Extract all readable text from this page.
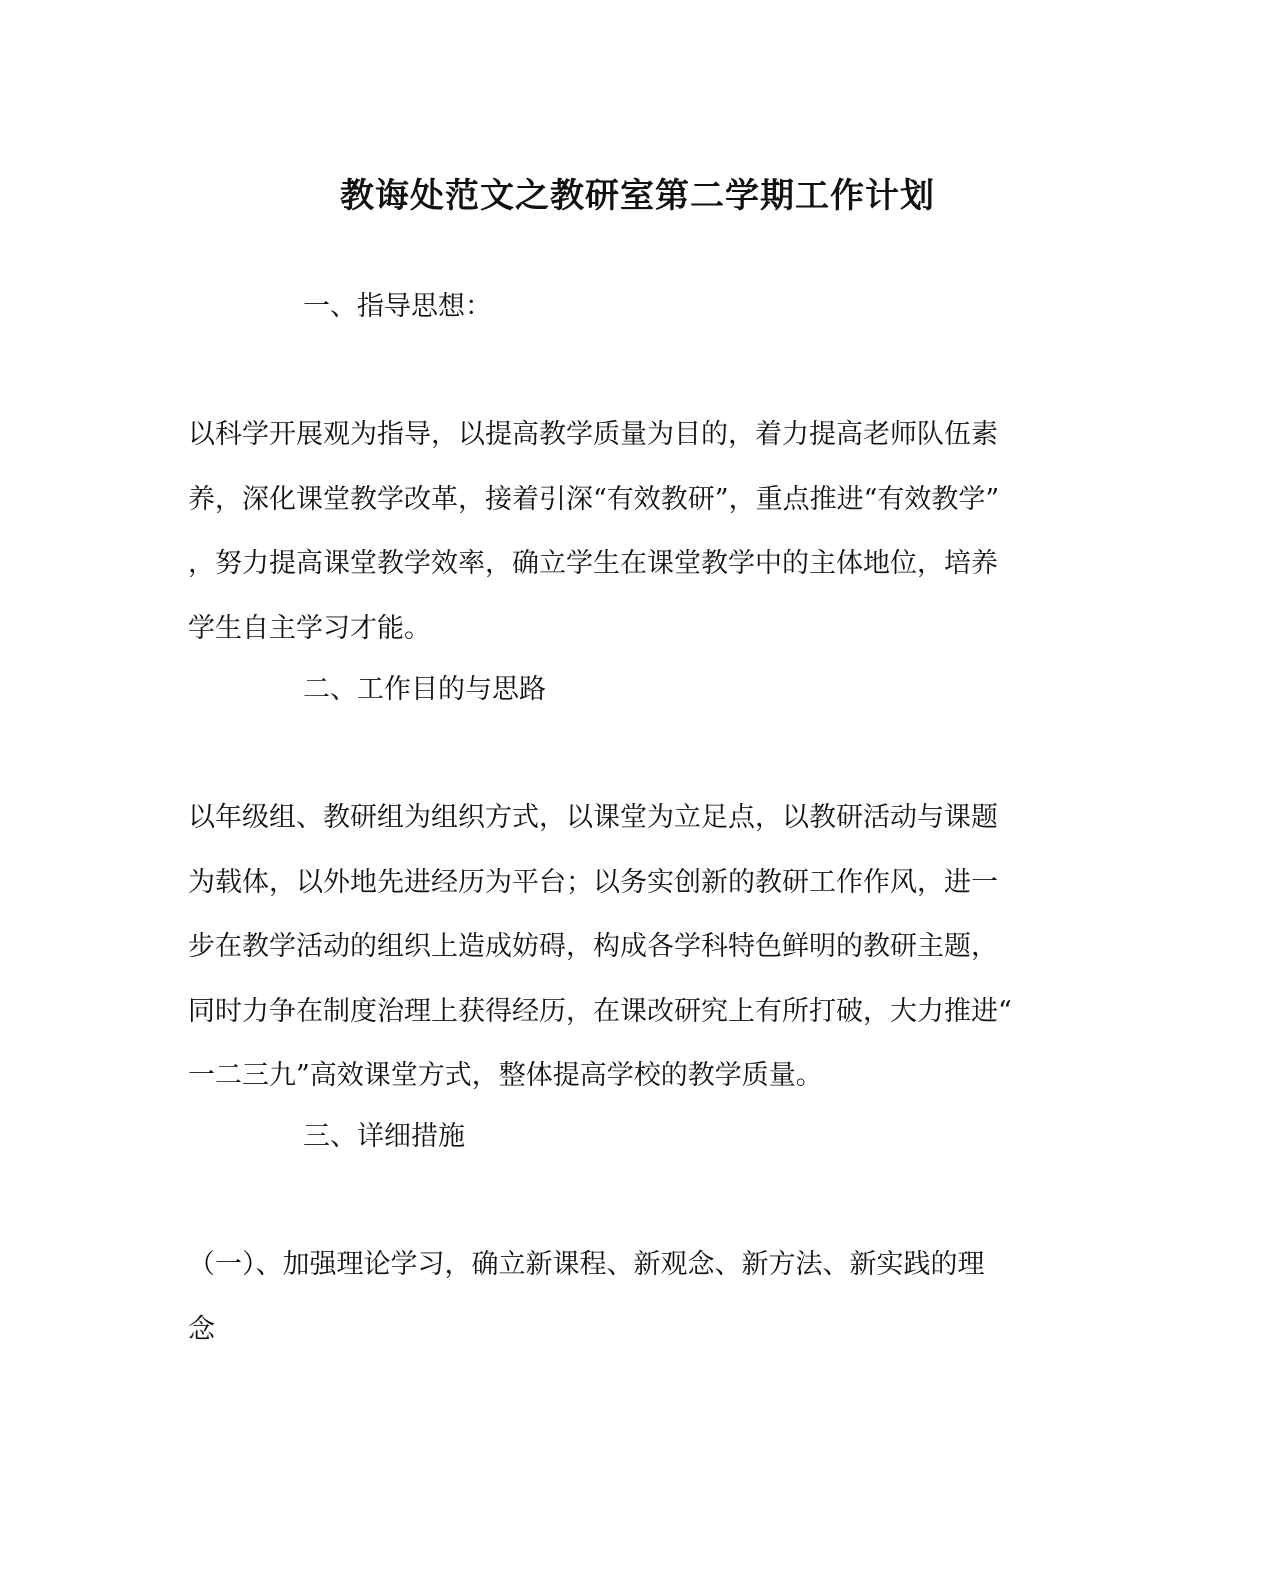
教诲处范文之教研室第二学期工作计划
一、指导思想：
以科学开展观为指导，以提高教学质量为目的，着力提高老师队伍素
养，深化课堂教学改革，接着引深“有效教研”，重点推进“有效教学”
，努力提高课堂教学效率，确立学生在课堂教学中的主体地位，培养
学生自主学习才能。
二、工作目的与思路
以年级组、教研组为组织方式，以课堂为立足点，以教研活动与课题
为载体，以外地先进经历为平台；以务实创新的教研工作作风，进一
步在教学活动的组织上造成妨碍，构成各学科特色鲜明的教研主题，
同时力争在制度治理上获得经历，在课改研究上有所打破，大力推进“
一二三九”高效课堂方式，整体提高学校的教学质量。
三、详细措施
（一）、加强理论学习，确立新课程、新观念、新方法、新实践的理
念
